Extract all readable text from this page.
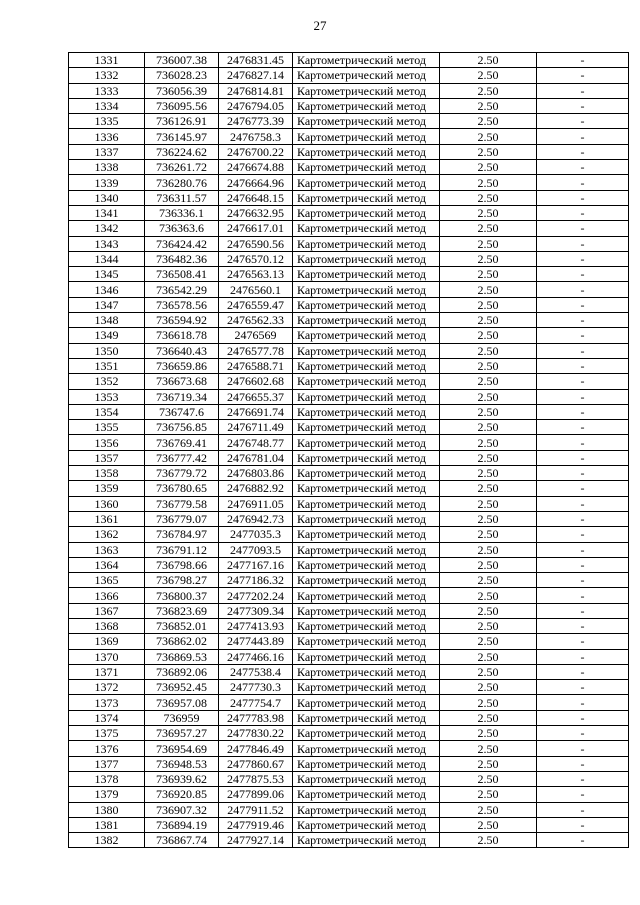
27
1331	736007.38	2476831.45	Картометрический метод	2.50	-
1332	736028.23	2476827.14	Картометрический метод	2.50	-
1333	736056.39	2476814.81	Картометрический метод	2.50	-
1334	736095.56	2476794.05	Картометрический метод	2.50	-
1335	736126.91	2476773.39	Картометрический метод	2.50	-
1336	736145.97	2476758.3	Картометрический метод	2.50	-
1337	736224.62	2476700.22	Картометрический метод	2.50	-
1338	736261.72	2476674.88	Картометрический метод	2.50	-
1339	736280.76	2476664.96	Картометрический метод	2.50	-
1340	736311.57	2476648.15	Картометрический метод	2.50	-
1341	736336.1	2476632.95	Картометрический метод	2.50	-
1342	736363.6	2476617.01	Картометрический метод	2.50	-
1343	736424.42	2476590.56	Картометрический метод	2.50	-
1344	736482.36	2476570.12	Картометрический метод	2.50	-
1345	736508.41	2476563.13	Картометрический метод	2.50	-
1346	736542.29	2476560.1	Картометрический метод	2.50	-
1347	736578.56	2476559.47	Картометрический метод	2.50	-
1348	736594.92	2476562.33	Картометрический метод	2.50	-
1349	736618.78	2476569	Картометрический метод	2.50	-
1350	736640.43	2476577.78	Картометрический метод	2.50	-
1351	736659.86	2476588.71	Картометрический метод	2.50	-
1352	736673.68	2476602.68	Картометрический метод	2.50	-
1353	736719.34	2476655.37	Картометрический метод	2.50	-
1354	736747.6	2476691.74	Картометрический метод	2.50	-
1355	736756.85	2476711.49	Картометрический метод	2.50	-
1356	736769.41	2476748.77	Картометрический метод	2.50	-
1357	736777.42	2476781.04	Картометрический метод	2.50	-
1358	736779.72	2476803.86	Картометрический метод	2.50	-
1359	736780.65	2476882.92	Картометрический метод	2.50	-
1360	736779.58	2476911.05	Картометрический метод	2.50	-
1361	736779.07	2476942.73	Картометрический метод	2.50	-
1362	736784.97	2477035.3	Картометрический метод	2.50	-
1363	736791.12	2477093.5	Картометрический метод	2.50	-
1364	736798.66	2477167.16	Картометрический метод	2.50	-
1365	736798.27	2477186.32	Картометрический метод	2.50	-
1366	736800.37	2477202.24	Картометрический метод	2.50	-
1367	736823.69	2477309.34	Картометрический метод	2.50	-
1368	736852.01	2477413.93	Картометрический метод	2.50	-
1369	736862.02	2477443.89	Картометрический метод	2.50	-
1370	736869.53	2477466.16	Картометрический метод	2.50	-
1371	736892.06	2477538.4	Картометрический метод	2.50	-
1372	736952.45	2477730.3	Картометрический метод	2.50	-
1373	736957.08	2477754.7	Картометрический метод	2.50	-
1374	736959	2477783.98	Картометрический метод	2.50	-
1375	736957.27	2477830.22	Картометрический метод	2.50	-
1376	736954.69	2477846.49	Картометрический метод	2.50	-
1377	736948.53	2477860.67	Картометрический метод	2.50	-
1378	736939.62	2477875.53	Картометрический метод	2.50	-
1379	736920.85	2477899.06	Картометрический метод	2.50	-
1380	736907.32	2477911.52	Картометрический метод	2.50	-
1381	736894.19	2477919.46	Картометрический метод	2.50	-
1382	736867.74	2477927.14	Картометрический метод	2.50	-
